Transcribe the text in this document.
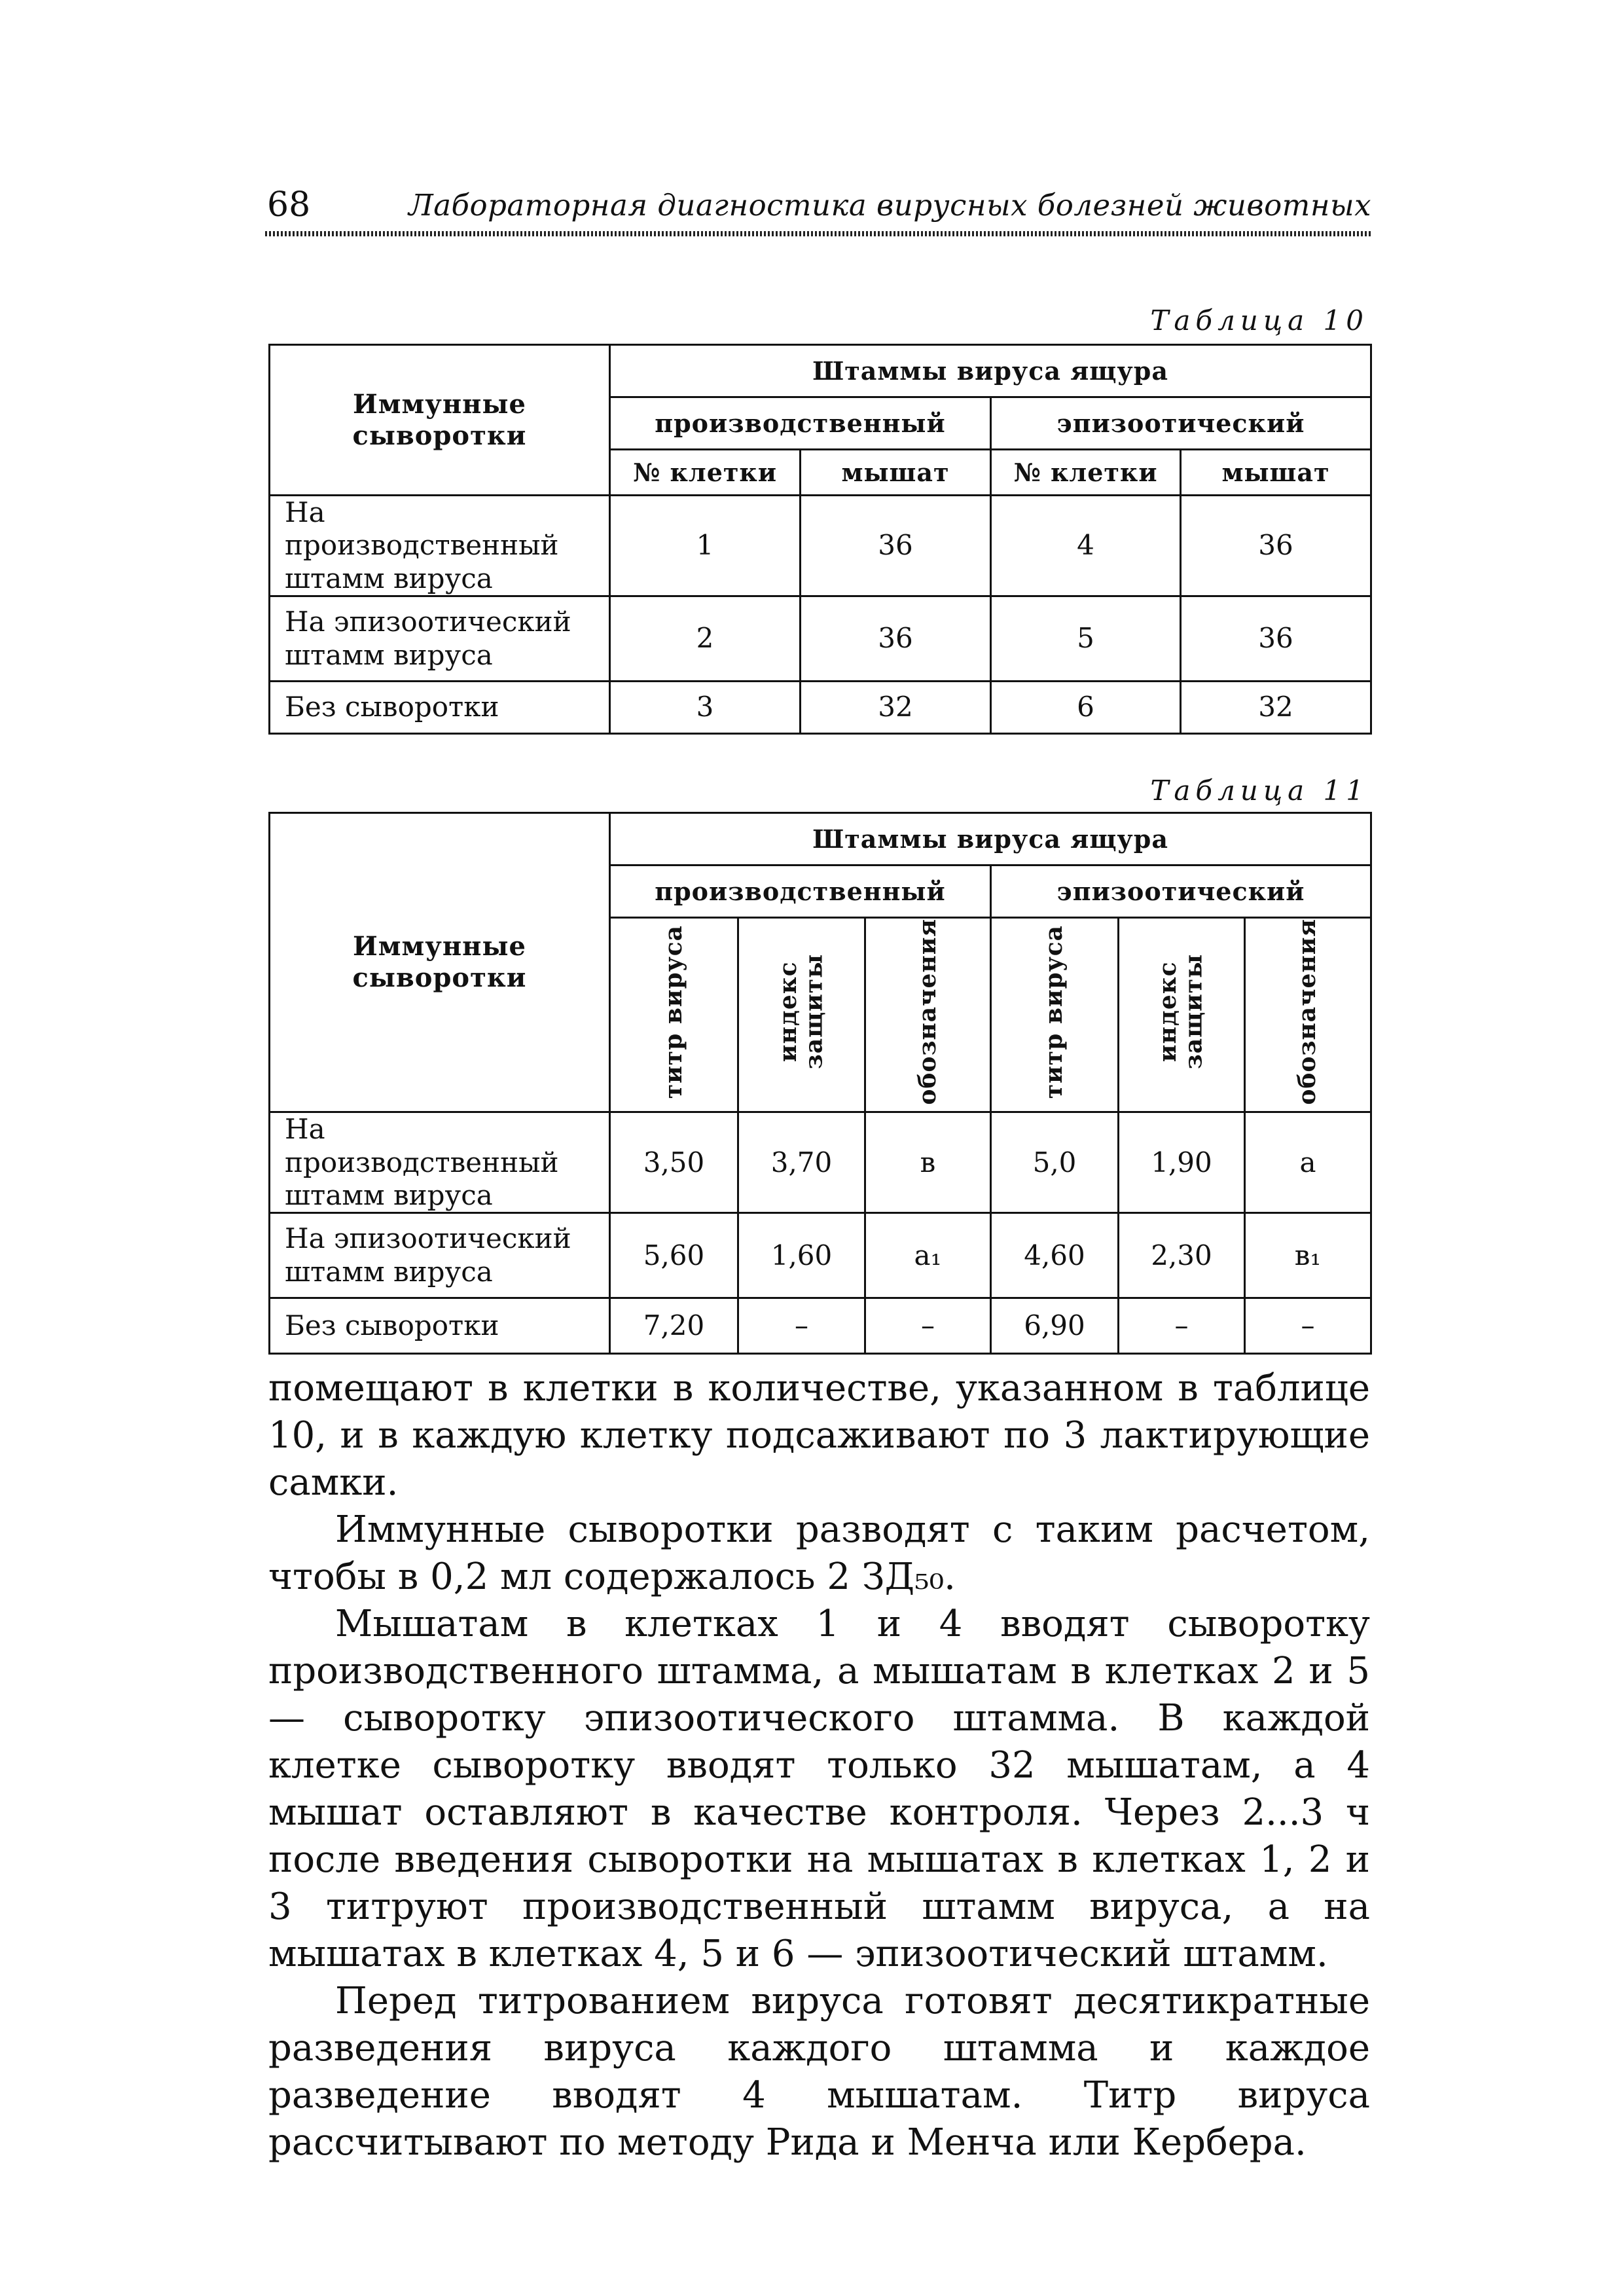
68	Лабораторная диагностика вирусных болезней животных
Таблица 10
Иммунные сыворотки	Штаммы вируса ящура			
	производственный		эпизоотический	
	№ клетки	мышат	№ клетки	мышат
На производственный штамм вируса	1	36	4	36
На эпизоотический штамм вируса	2	36	5	36
Без сыворотки	3	32	6	32
Таблица 11
Иммунные сыворотки	Штаммы вируса ящура					
	производственный			эпизоотический		
	титр вируса	индекс защиты	обозначения	титр вируса	индекс защиты	обозначения
На производственный штамм вируса	3,50	3,70	в	5,0	1,90	а
На эпизоотический штамм вируса	5,60	1,60	а₁	4,60	2,30	в₁
Без сыворотки	7,20	–	–	6,90	–	–

помещают в клетки в количестве, указанном в таблице 10, и в каждую клетку подсаживают по 3 лактирующие самки.

Иммунные сыворотки разводят с таким расчетом, чтобы в 0,2 мл содержалось 2 ЗД₅₀.

Мышатам в клетках 1 и 4 вводят сыворотку производственного штамма, а мышатам в клетках 2 и 5 — сыворотку эпизоотического штамма. В каждой клетке сыворотку вводят только 32 мышатам, а 4 мышат оставляют в качестве контроля. Через 2...3 ч после введения сыворотки на мышатах в клетках 1, 2 и 3 титруют производственный штамм вируса, а на мышатах в клетках 4, 5 и 6 — эпизоотический штамм.

Перед титрованием вируса готовят десятикратные разведения вируса каждого штамма и каждое разведение вводят 4 мышатам. Титр вируса рассчитывают по методу Рида и Менча или Кербера.
